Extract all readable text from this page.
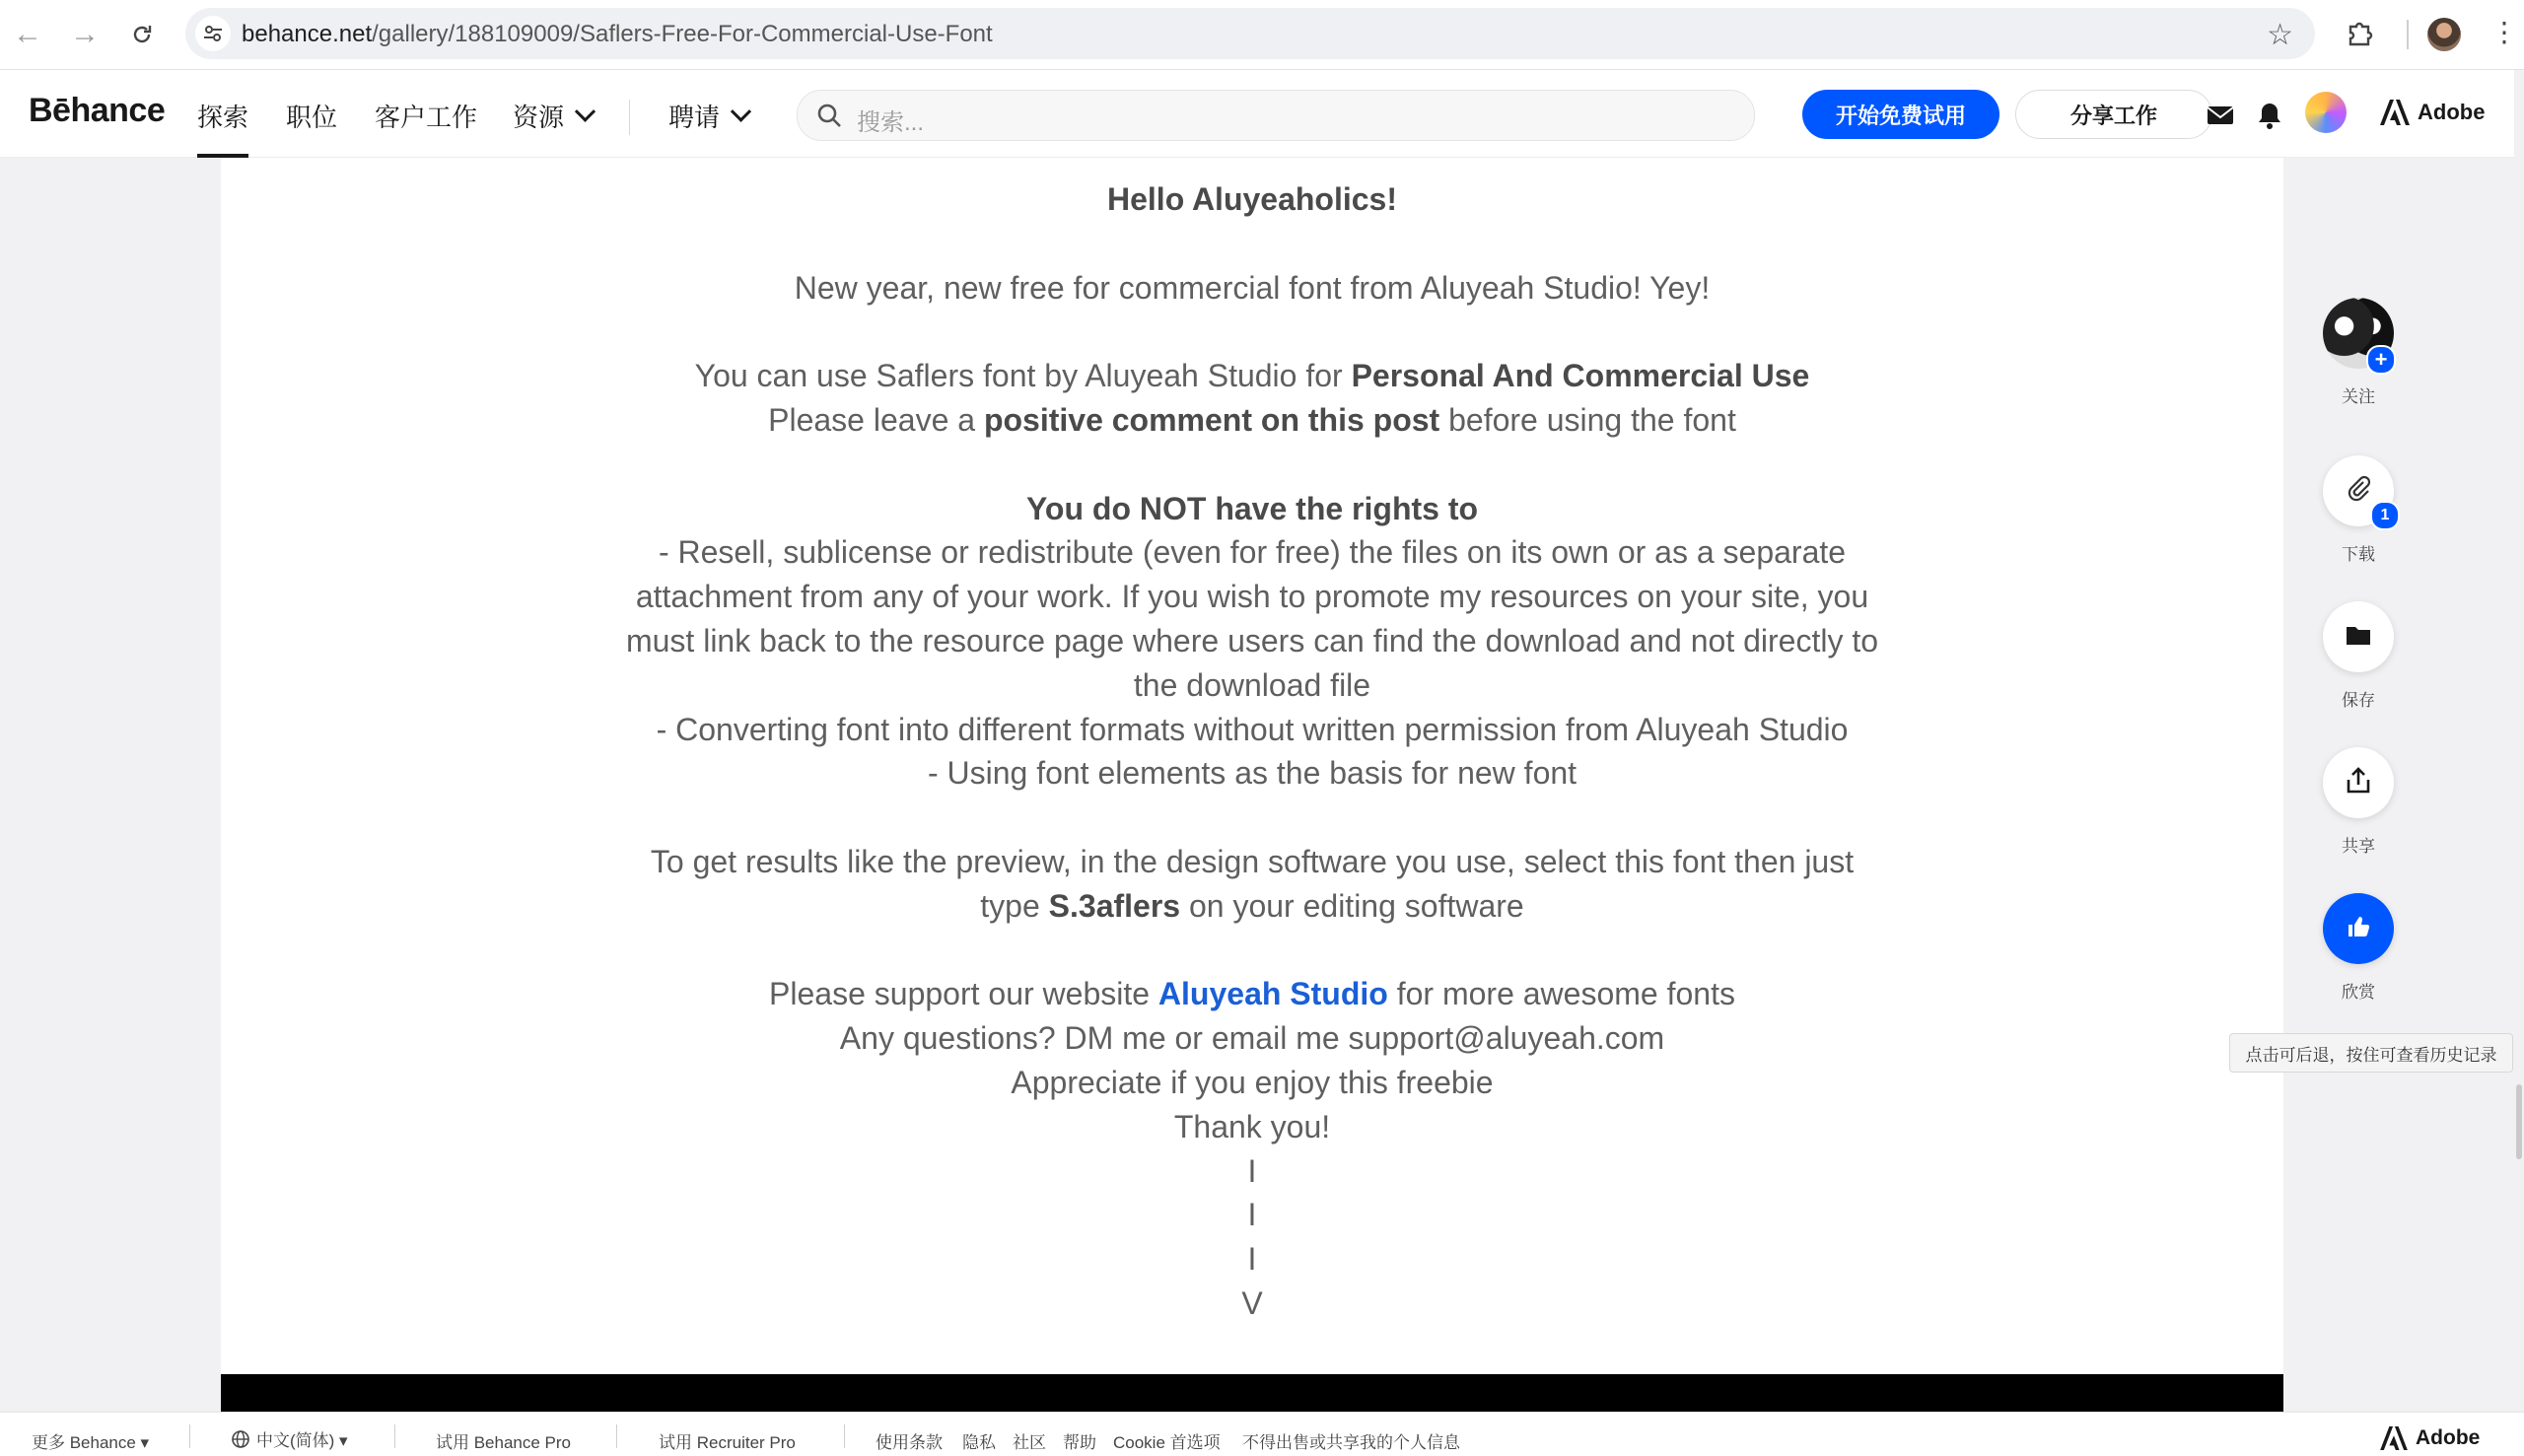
← →	behance.net/gallery/188109009/Saflers-Free-For-Commercial-Use-Font	☆	⋮
Bēhance 探索 职位 客户工作 资源	聘请	搜索...	开始免费试用	分享工作	Adobe

Hello Aluyeaholics!

New year, new free for commercial font from Aluyeah Studio! Yey!

You can use Saflers font by Aluyeah Studio for Personal And Commercial Use

Please leave a positive comment on this post before using the font

You do NOT have the rights to

- Resell, sublicense or redistribute (even for free) the files on its own or as a separate

attachment from any of your work. If you wish to promote my resources on your site, you

must link back to the resource page where users can find the download and not directly to

the download file

- Converting font into different formats without written permission from Aluyeah Studio

- Using font elements as the basis for new font

To get results like the preview, in the design software you use, select this font then just

type S.3aflers on your editing software

Please support our website Aluyeah Studio for more awesome fonts

Any questions? DM me or email me support@aluyeah.com

Appreciate if you enjoy this freebie

Thank you!

I

I

I

V

+
关注
1
下载
保存
共享
欣赏
点击可后退，按住可查看历史记录
更多 Behance ▾	中文(简体) ▾	试用 Behance Pro	试用 Recruiter Pro	使用条款 隐私 社区 帮助 Cookie 首选项 不得出售或共享我的个人信息	Adobe
